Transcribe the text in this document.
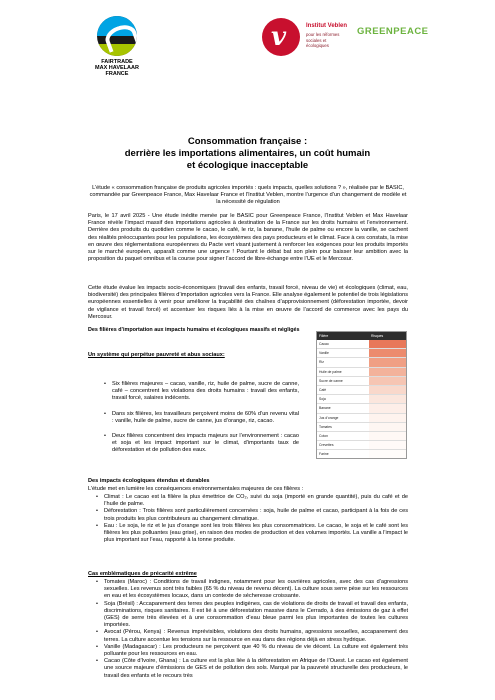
FAIRTRADE
MAX HAVELAAR
FRANCE
v	Institut Veblen
pour les réformes
sociales et
écologiques
GREENPEACE
Consommation française :
derrière les importations alimentaires, un coût humain
et écologique inacceptable
L’étude « consommation française de produits agricoles importés : quels impacts, quelles solutions ? », réalisée par le BASIC, commandée par Greenpeace France, Max Havelaar France et l’Institut Veblen, montre l’urgence d’un changement de modèle et la nécessité de régulation
Paris, le 17 avril 2025 - Une étude inédite menée par le BASIC pour Greenpeace France, l’Institut Veblen et Max Havelaar France révèle l’impact massif des importations agricoles à destination de la France sur les droits humains et l’environnement. Derrière des produits du quotidien comme le cacao, le café, le riz, la banane, l’huile de palme ou encore la vanille, se cachent des réalités préoccupantes pour les populations, les écosystèmes des pays producteurs et le climat. Face à ces constats, la mise en œuvre des réglementations européennes du Pacte vert visant justement à renforcer les exigences pour les produits importés sur le marché européen, apparaît comme une urgence ! Pourtant le débat bat son plein pour baisser leur ambition avec la proposition du paquet omnibus et la course pour signer l’accord de libre-échange entre l’UE et le Mercosur.
Cette étude évalue les impacts socio-économiques (travail des enfants, travail forcé, niveau de vie) et écologiques (climat, eau, biodiversité) des principales filières d’importation agricoles vers la France. Elle analyse également le potentiel de trois législations européennes essentielles à venir pour améliorer la traçabilité des chaînes d’approvisionnement (déforestation importée, devoir de vigilance et travail forcé) et accentuer les risques liés à la mise en œuvre de l’accord de commerce avec les pays du Mercosur.
Des filières d’importation aux impacts humains et écologiques massifs et négligés
Un système qui perpétue pauvreté et abus sociaux:
• Six filières majeures – cacao, vanille, riz, huile de palme, sucre de canne, café – concentrent les violations des droits humains : travail des enfants, travail forcé, salaires indécents.
• Dans six filières, les travailleurs perçoivent moins de 60% d’un revenu vital : vanille, huile de palme, sucre de canne, jus d’orange, riz, cacao.
• Deux filières concentrent des impacts majeurs sur l’environnement : cacao et soja et les impact important sur le climat, d’importants taux de déforestation et de pollution des eaux.
Filière	Risques
Cacao
Vanille
Riz
Huile de palme
Sucre de canne
Café
Soja
Banane
Jus d’orange
Tomates
Coton
Crevettes
Farine
Des impacts écologiques étendus et durables
L’étude met en lumière les conséquences environnementales majeures de ces filières :
• Climat : Le cacao est la filière la plus émettrice de CO₂, suivi du soja (importé en grande quantité), puis du café et de l’huile de palme.
• Déforestation : Trois filières sont particulièrement concernées : soja, huile de palme et cacao, participant à la fois de ces trois produits les plus contributeurs au changement climatique.
• Eau : Le soja, le riz et le jus d’orange sont les trois filières les plus consommatrices. Le cacao, le soja et le café sont les filières les plus polluantes (eau grise), en raison des modes de production et des volumes importés. La vanille a l’impact le plus important sur l’eau, rapporté à la tonne produite.
Cas emblématiques de précarité extrême
• Tomates (Maroc) : Conditions de travail indignes, notamment pour les ouvrières agricoles, avec des cas d’agressions sexuelles. Les revenus sont très faibles (65 % du niveau de revenu décent). La culture sous serre pèse sur les ressources en eau et les écosystèmes locaux, dans un contexte de sécheresse croissante.
• Soja (Brésil) : Accaparement des terres des peuples indigènes, cas de violations de droits de travail et travail des enfants, discriminations, risques sanitaires. Il est lié à une déforestation massive dans le Cerrado, à des émissions de gaz à effet (GES) de serre très élevées et à une consommation d’eau bleue parmi les plus importantes de toutes les cultures importées.
• Avocat (Pérou, Kenya) : Revenus imprévisibles, violations des droits humains, agressions sexuelles, accaparement des terres. La culture accentue les tensions sur la ressource en eau dans des régions déjà en stress hydrique.
• Vanille (Madagascar) : Les producteurs ne perçoivent que 40 % du niveau de vie décent. La culture est également très polluante pour les ressources en eau.
• Cacao (Côte d’Ivoire, Ghana) : La culture est la plus liée à la déforestation en Afrique de l’Ouest. Le cacao est également une source majeure d’émissions de GES et de pollution des sols. Marqué par la pauvreté structurelle des producteurs, le travail des enfants et le recours très
